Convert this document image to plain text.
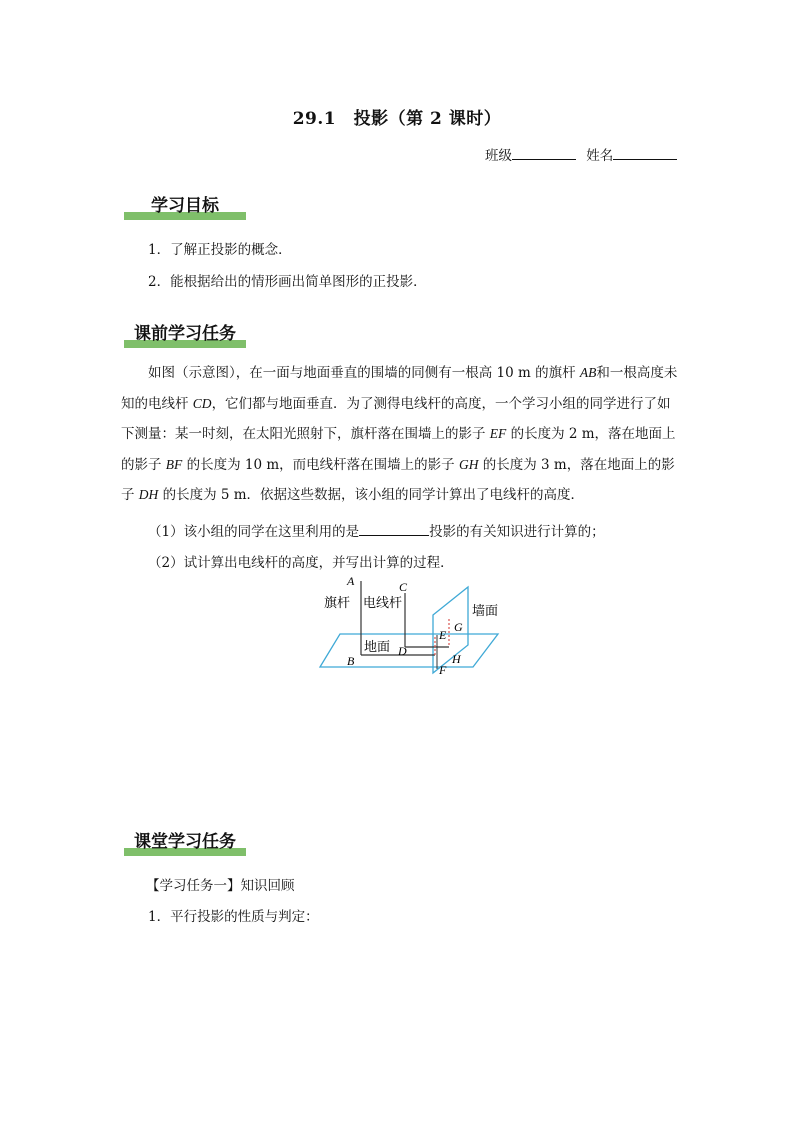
29.1　投影（第 2 课时）
班级	姓名
学习目标
1．了解正投影的概念．
2．能根据给出的情形画出简单图形的正投影．
课前学习任务
如图（示意图），在一面与地面垂直的围墙的同侧有一根高 10 m 的旗杆 AB和一根高度未知的电线杆 CD，它们都与地面垂直．为了测得电线杆的高度，一个学习小组的同学进行了如下测量：某一时刻，在太阳光照射下，旗杆落在围墙上的影子 EF 的长度为 2 m，落在地面上的影子 BF 的长度为 10 m，而电线杆落在围墙上的影子 GH 的长度为 3 m，落在地面上的影子 DH 的长度为 5 m．依据这些数据，该小组的同学计算出了电线杆的高度．
（1）该小组的同学在这里利用的是	投影的有关知识进行计算的；
（2）试计算出电线杆的高度，并写出计算的过程．
A
旗杆
C
电线杆
墙面
地面
B
D
E
G
H
F
课堂学习任务
【学习任务一】知识回顾
1．平行投影的性质与判定：
